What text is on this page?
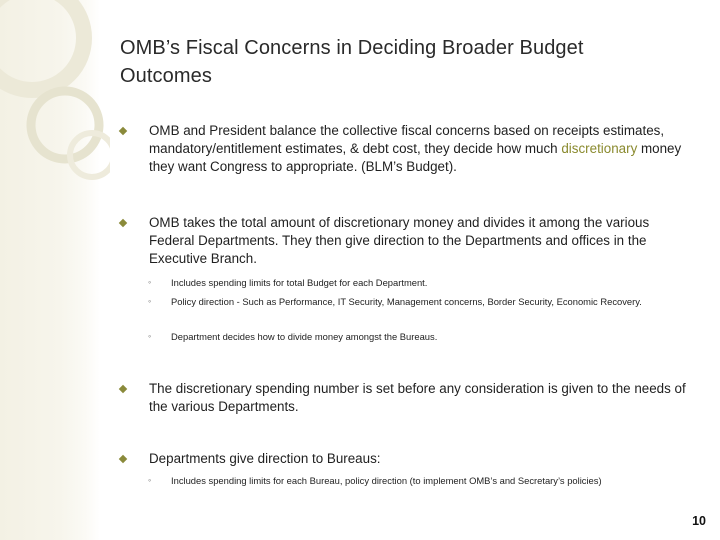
OMB’s Fiscal Concerns in Deciding Broader Budget Outcomes
OMB and President balance the collective fiscal concerns based on receipts estimates, mandatory/entitlement estimates, & debt cost, they decide how much discretionary money they want Congress to appropriate. (BLM’s Budget).
OMB takes the total amount of discretionary money and divides it among the various Federal Departments. They then give direction to the Departments and offices in the Executive Branch.
◦ Includes spending limits for total Budget for each Department.
◦ Policy direction - Such as Performance, IT Security, Management concerns, Border Security, Economic Recovery.
◦ Department decides how to divide money amongst the Bureaus.
The discretionary spending number is set before any consideration is given to the needs of the various Departments.
Departments give direction to Bureaus:
◦ Includes spending limits for each Bureau, policy direction (to implement OMB’s and Secretary’s policies)
10
